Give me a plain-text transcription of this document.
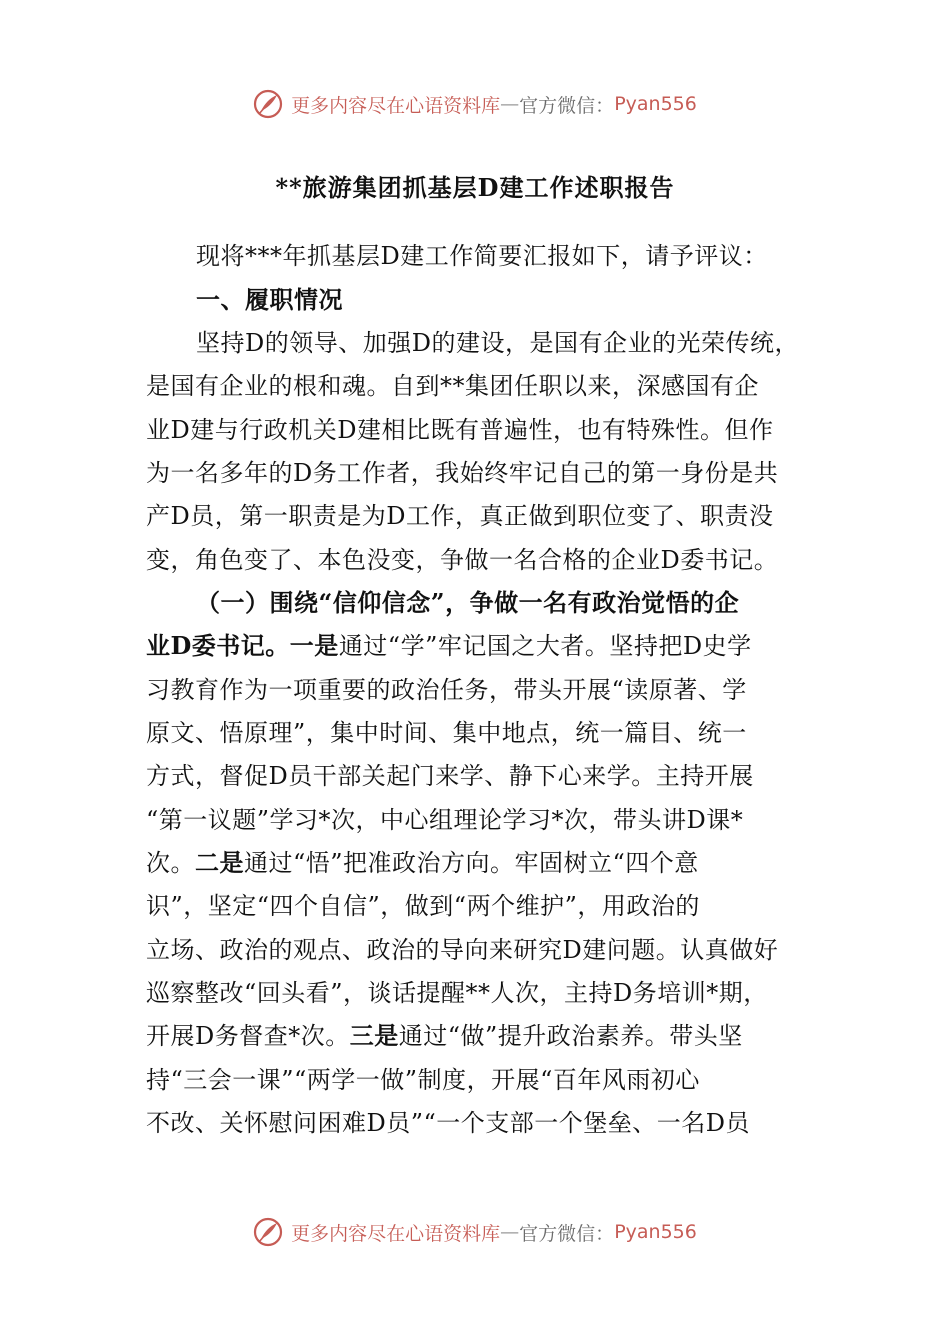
更多内容尽在心语资料库 — 官方微信： Pyan556
**旅游集团抓基层D建工作述职报告
现将***年抓基层D建工作简要汇报如下，请予评议：
一、履职情况
坚持D的领导、加强D的建设，是国有企业的光荣传统，
是国有企业的根和魂。自到**集团任职以来，深感国有企
业D建与行政机关D建相比既有普遍性，也有特殊性。但作
为一名多年的D务工作者，我始终牢记自己的第一身份是共
产D员，第一职责是为D工作，真正做到职位变了、职责没
变，角色变了、本色没变，争做一名合格的企业D委书记。
（一）围绕“信仰信念”，争做一名有政治觉悟的企
业D委书记。一是通过“学”牢记国之大者。坚持把D史学
习教育作为一项重要的政治任务，带头开展“读原著、学
原文、悟原理”，集中时间、集中地点，统一篇目、统一
方式，督促D员干部关起门来学、静下心来学。主持开展
“第一议题”学习*次，中心组理论学习*次，带头讲D课*
次。二是通过“悟”把准政治方向。牢固树立“四个意
识”，坚定“四个自信”，做到“两个维护”，用政治的
立场、政治的观点、政治的导向来研究D建问题。认真做好
巡察整改“回头看”，谈话提醒**人次，主持D务培训*期，
开展D务督查*次。三是通过“做”提升政治素养。带头坚
持“三会一课”“两学一做”制度，开展“百年风雨初心
不改、关怀慰问困难D员”“一个支部一个堡垒、一名D员
更多内容尽在心语资料库 — 官方微信： Pyan556
